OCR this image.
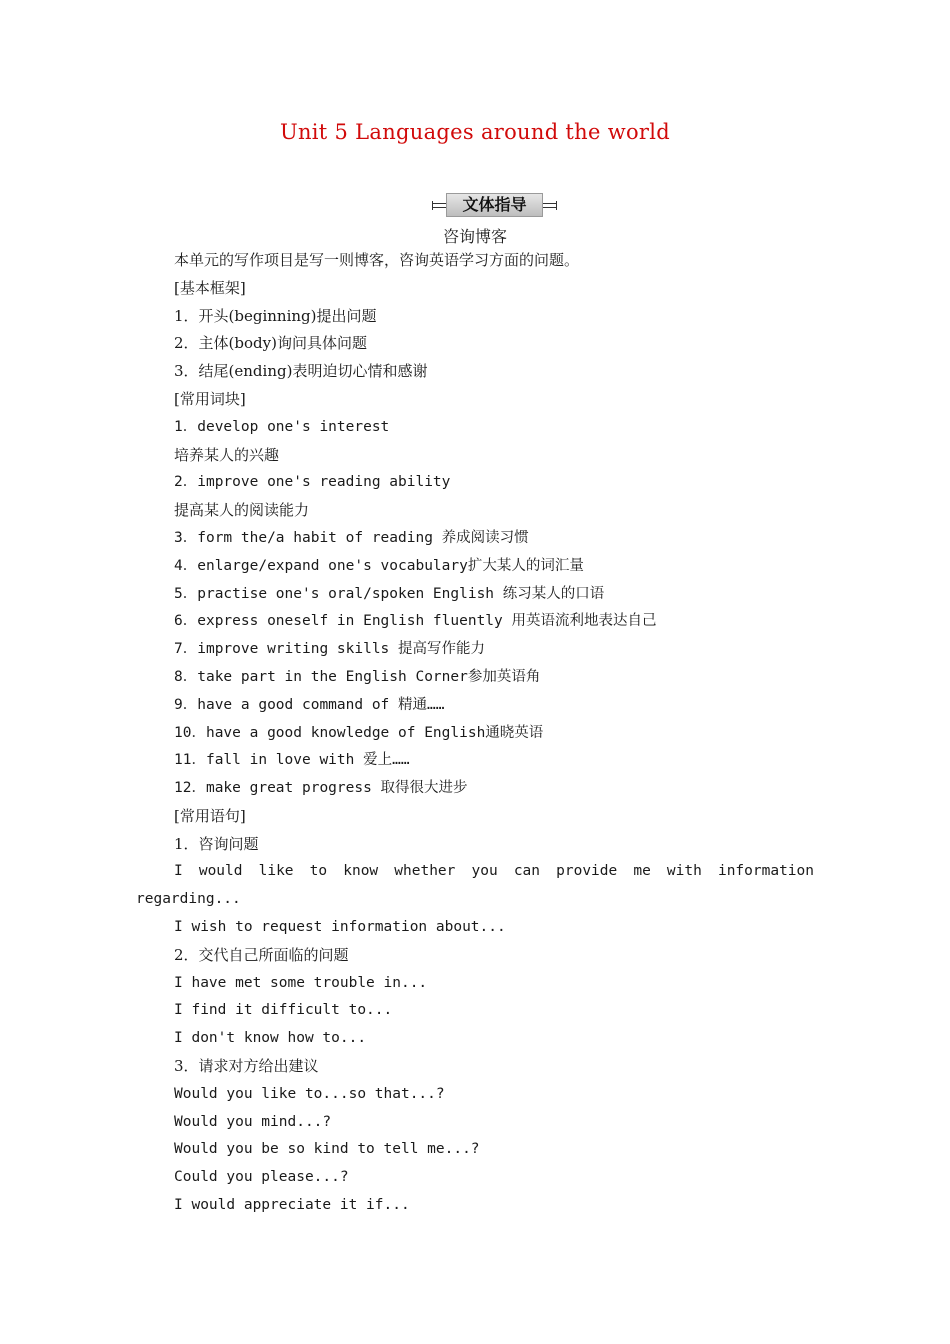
Unit 5 Languages around the world
文体指导
咨询博客
本单元的写作项目是写一则博客，咨询英语学习方面的问题。
[基本框架]
1．开头(beginning)提出问题
2．主体(body)询问具体问题
3．结尾(ending)表明迫切心情和感谢
[常用词块]
1．develop one's interest
培养某人的兴趣
2．improve one's reading ability
提高某人的阅读能力
3．form the/a habit of reading 养成阅读习惯
4．enlarge/expand one's vocabulary扩大某人的词汇量
5．practise one's oral/spoken English 练习某人的口语
6．express oneself in English fluently 用英语流利地表达自己
7．improve writing skills 提高写作能力
8．take part in the English Corner参加英语角
9．have a good command of 精通……
10．have a good knowledge of English通晓英语
11．fall in love with 爱上……
12．make great progress 取得很大进步
[常用语句]
1．咨询问题
I would like to know whether you can provide me with information
regarding...
I wish to request information about...
2．交代自己所面临的问题
I have met some trouble in...
I find it difficult to...
I don't know how to...
3．请求对方给出建议
Would you like to...so that...?
Would you mind...?
Would you be so kind to tell me...?
Could you please...?
I would appreciate it if...
